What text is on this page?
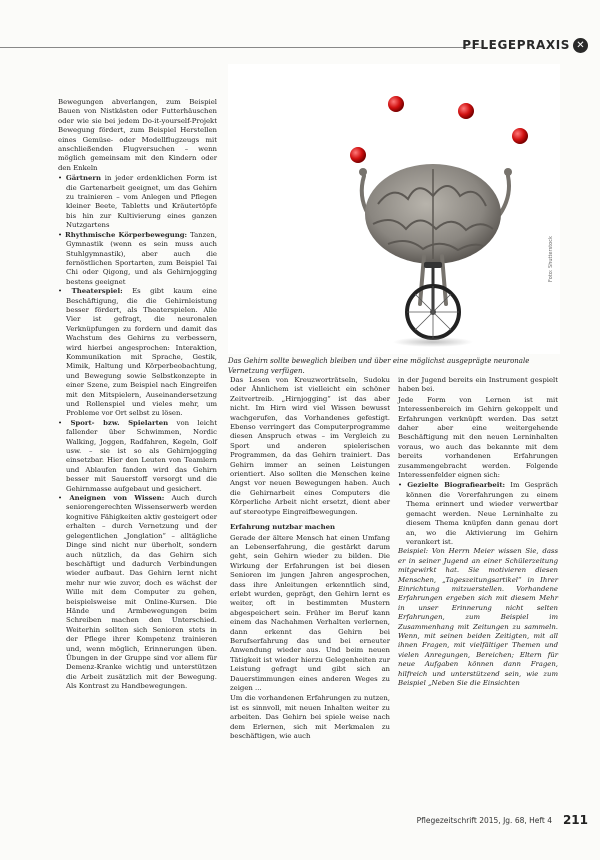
PFLEGEPRAXIS ✕

Bewegungen abverlangen, zum Beispiel Bauen von Nistkästen oder Futterhäuschen oder wie sie bei jedem Do-it-yourself-Projekt Bewegung fördert, zum Beispiel Herstellen eines Gemüse- oder Modellflugzeugs mit anschließenden Flugversuchen – wenn möglich gemeinsam mit den Kindern oder den Enkeln

• Gärtnern in jeder erdenklichen Form ist die Gartenarbeit geeignet, um das Gehirn zu trainieren – vom Anlegen und Pflegen kleiner Beete, Tabletts und Kräutertöpfe bis hin zur Kultivierung eines ganzen Nutzgartens

• Rhythmische Körperbewegung: Tanzen, Gymnastik (wenn es sein muss auch Stuhlgymnastik), aber auch die fernöstlichen Sportarten, zum Beispiel Tai Chi oder Qigong, und als Gehirnjogging bestens geeignet

• Theaterspiel: Es gibt kaum eine Beschäftigung, die die Gehirnleistung besser fördert, als Theaterspielen. Alle Vier ist gefragt, die neuronalen Verknüpfungen zu fordern und damit das Wachstum des Gehirns zu verbessern, wird hierbei angesprochen: Interaktion, Kommunikation mit Sprache, Gestik, Mimik, Haltung und Körperbeobachtung, und Bewegung sowie Selbstkonzepte in einer Szene, zum Beispiel nach Eingreifen mit den Mitspielern, Auseinandersetzung und Rollenspiel und vieles mehr, um Probleme vor Ort selbst zu lösen.

• Sport- bzw. Spielarten von leicht fallender über Schwimmen, Nordic Walking, Joggen, Radfahren, Kegeln, Golf usw. – sie ist so als Gehirnjogging einsetzbar. Hier den Leuten von Teamlern und Ablaufen fanden wird das Gehirn besser mit Sauerstoff versorgt und die Gehirnmasse aufgebaut und gesichert.

• Aneignen von Wissen: Auch durch seniorengerechten Wissenserwerb werden kognitive Fähigkeiten aktiv gesteigert oder erhalten – durch Vernetzung und der gelegentlichen „Jonglation“ – alltägliche Dinge sind nicht nur überholt, sondern auch nützlich, da das Gehirn sich beschäftigt und dadurch Verbindungen wieder aufbaut. Das Gehirn lernt nicht mehr nur wie zuvor, doch es wächst der Wille mit dem Computer zu gehen, beispielsweise mit Online-Kursen. Die Hände und Armbewegungen beim Schreiben machen den Unterschied. Weiterhin sollten sich Senioren stets in der Pflege ihrer Kompetenz trainieren und, wenn möglich, Erinnerungen üben. Übungen in der Gruppe sind vor allem für Demenz-Kranke wichtig und unterstützen die Arbeit zusätzlich mit der Bewegung. Als Kontrast zu Handbewegungen.

Foto: Shutterstock
Das Gehirn sollte beweglich bleiben und über eine möglichst ausgeprägte neuronale Vernetzung verfügen.

Das Lesen von Kreuzworträtseln, Sudoku oder Ähnlichem ist vielleicht ein schöner Zeitvertreib. „Hirnjogging“ ist das aber nicht. Im Hirn wird viel Wissen bewusst wachgerufen, das Vorhandenes gefestigt. Ebenso verringert das Computerprogramme diesen Anspruch etwas – im Vergleich zu Sport und anderen spielerischen Programmen, da das Gehirn trainiert. Das Gehirn immer an seinen Leistungen orientiert. Also sollten die Menschen keine Angst vor neuen Bewegungen haben. Auch die Gehirnarbeit eines Computers die Körperliche Arbeit nicht ersetzt, dient aber auf stereotype Eingreifbewegungen.

Erfahrung nutzbar machen

Gerade der ältere Mensch hat einen Umfang an Lebenserfahrung, die gestärkt darum geht, sein Gehirn wieder zu bilden. Die Wirkung der Erfahrungen ist bei diesen Senioren im jungen Jahren angesprochen, dass ihre Anleitungen erkenntlich sind, erlebt wurden, geprägt, den Gehirn lernt es weiter, oft in bestimmten Mustern abgespeichert sein. Früher im Beruf kann einem das Nachahmen Verhalten verlernen, dann erkennt das Gehirn bei Berufserfahrung das und bei erneuter Anwendung wieder aus. Und beim neuen Tätigkeit ist wieder hierzu Gelegenheiten zur Leistung gefragt und gibt sich an Dauerstimmungen eines anderen Weges zu zeigen ...

Um die vorhandenen Erfahrungen zu nutzen, ist es sinnvoll, mit neuen Inhalten weiter zu arbeiten. Das Gehirn bei spiele weise nach dem Erlernen, sich mit Merkmalen zu beschäftigen, wie auch

in der Jugend bereits ein Instrument gespielt haben bei.

Jede Form von Lernen ist mit Interessenbereich im Gehirn gekoppelt und Erfahrungen verknüpft werden. Das setzt daher aber eine weitergehende Beschäftigung mit den neuen Lerninhalten voraus, wo auch das bekannte mit dem bereits vorhandenen Erfahrungen zusammengebracht werden. Folgende Interessenfelder eignen sich:

• Gezielte Biografiearbeit: Im Gespräch können die Vorerfahrungen zu einem Thema erinnert und wieder verwertbar gemacht werden. Neue Lerninhalte zu diesem Thema knüpfen dann genau dort an, wo die Aktivierung im Gehirn verankert ist.

Beispiel: Von Herrn Meier wissen Sie, dass er in seiner Jugend an einer Schülerzeitung mitgewirkt hat. Sie motivieren diesen Menschen, „Tageszeitungsartikel“ in Ihrer Einrichtung mitzuerstellen. Vorhandene Erfahrungen ergeben sich mit diesem Mehr in unser Erinnerung nicht selten Erfahrungen, zum Beispiel im Zusammenhang mit Zeitungen zu sammeln. Wenn, mit seinen beiden Zeitigten, mit all ihnen Fragen, mit vielfältiger Themen und vielen Anregungen, Bereichen; Eltern für neue Aufgaben können dann Fragen, hilfreich und unterstützend sein, wie zum Beispiel „Neben Sie die Einsichten

Pflegezeitschrift 2015, Jg. 68, Heft 4 211
